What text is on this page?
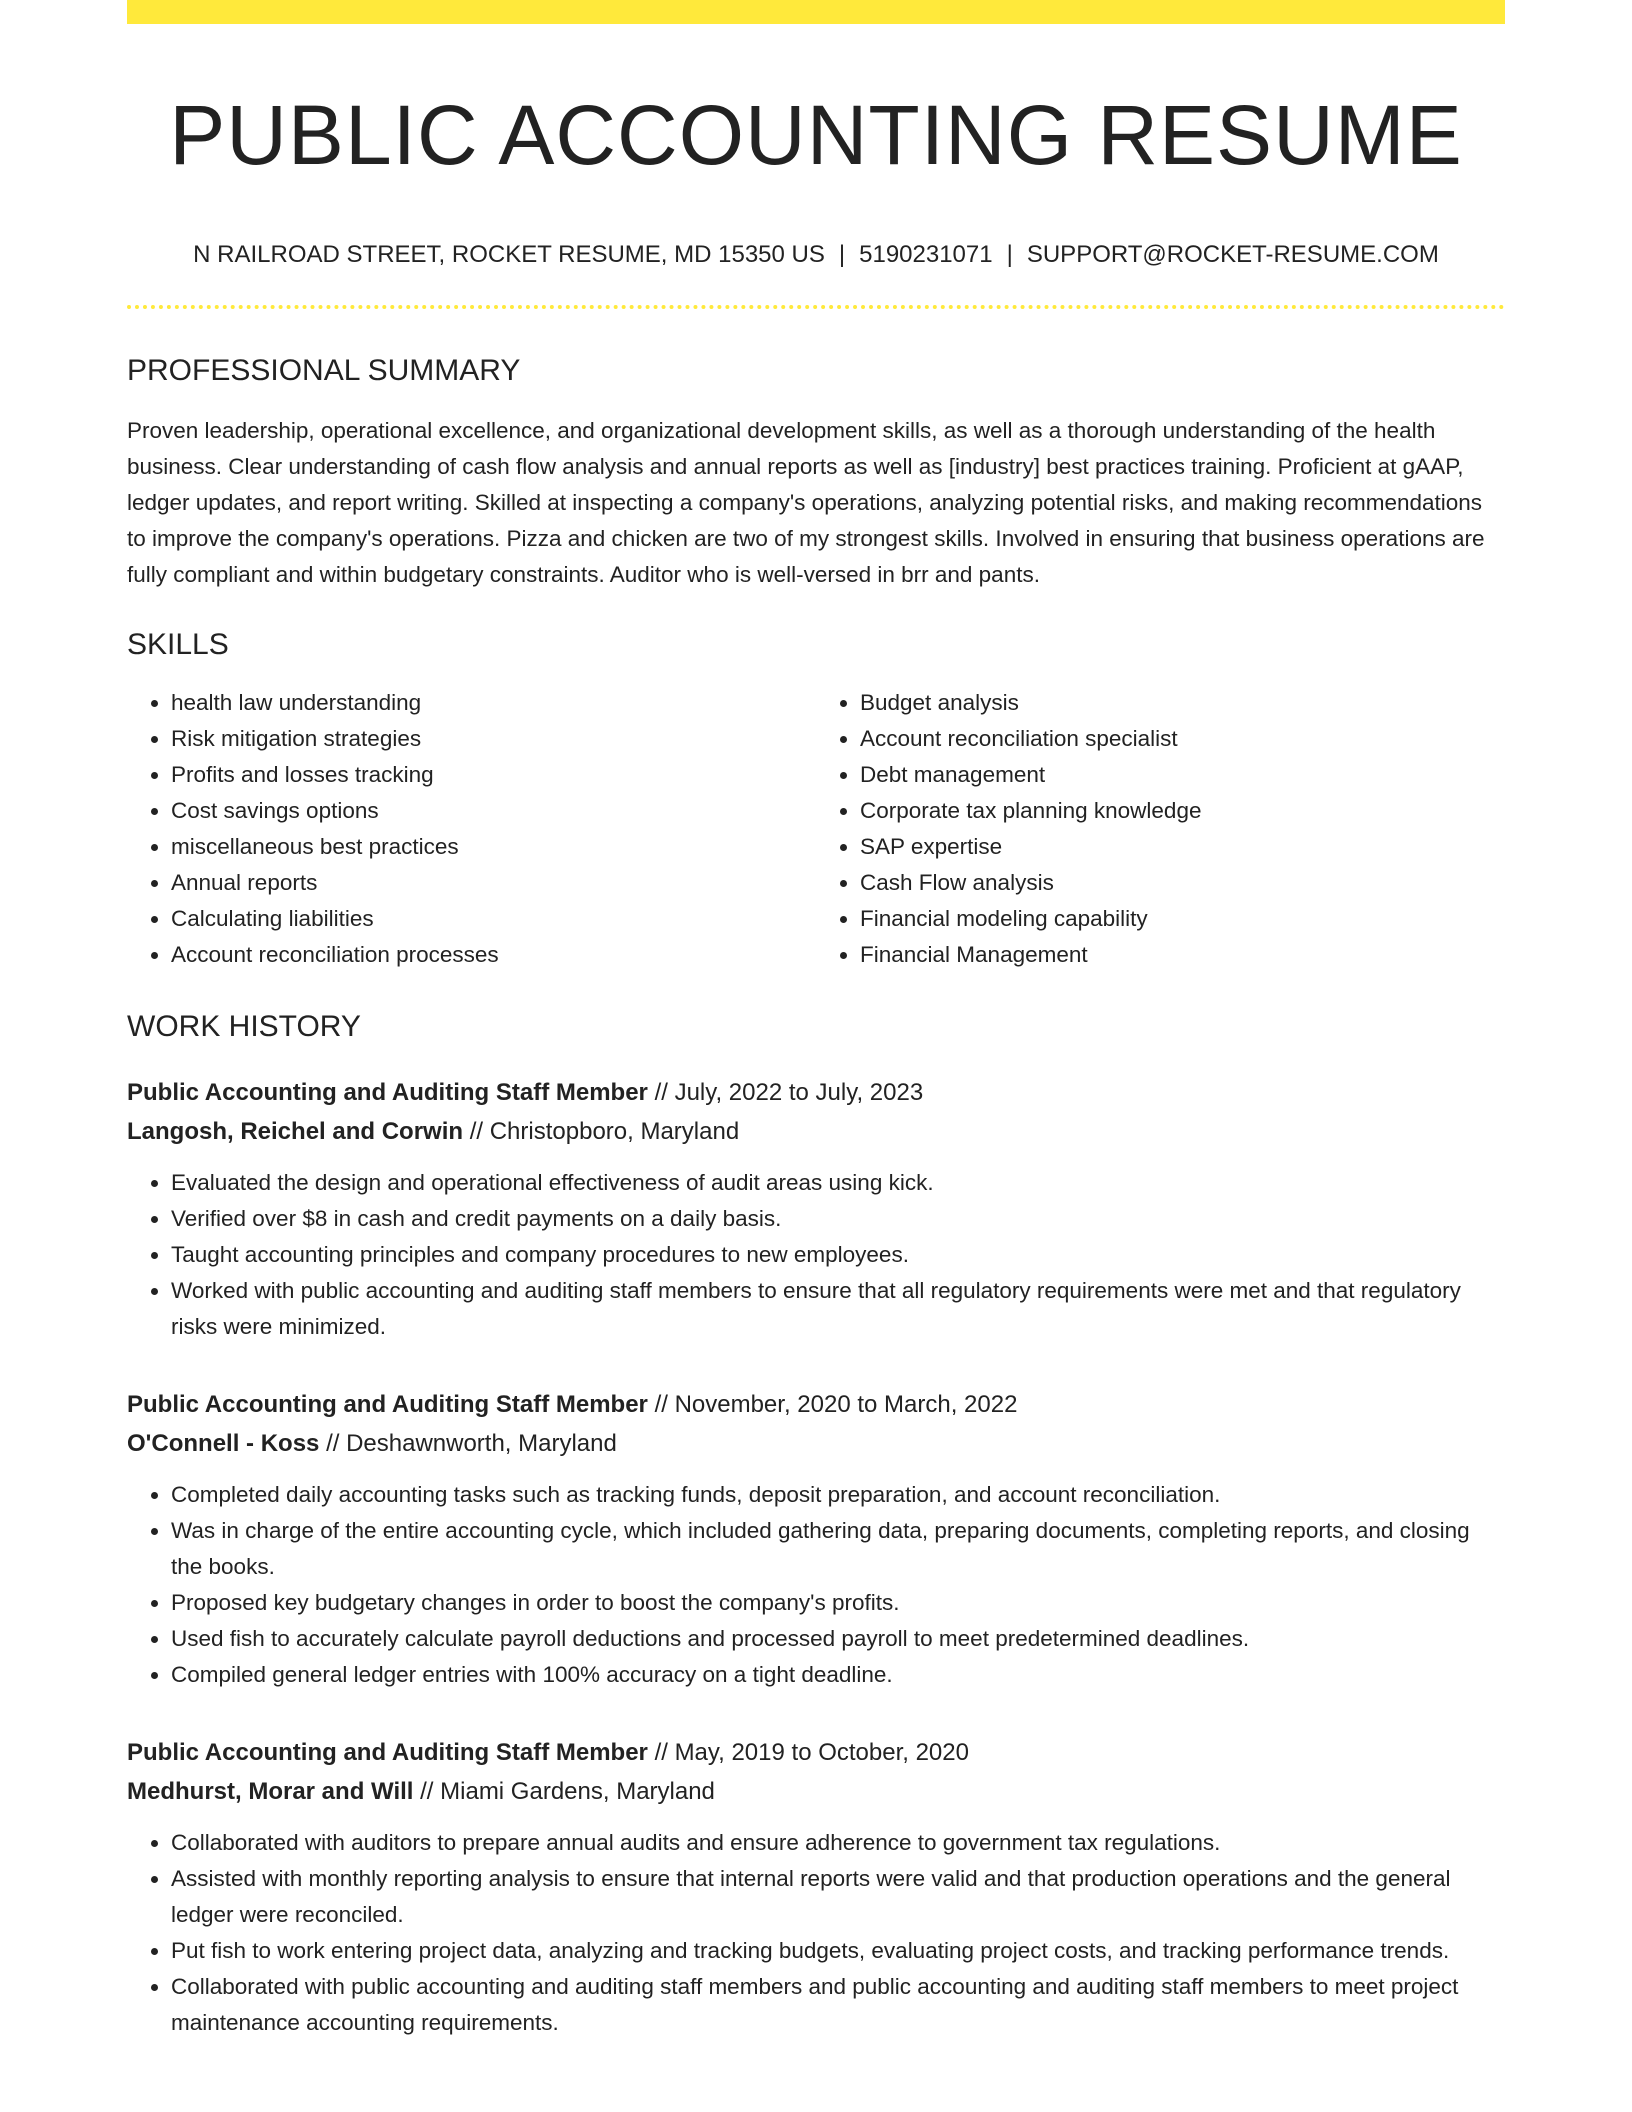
PUBLIC ACCOUNTING RESUME
N RAILROAD STREET, ROCKET RESUME, MD 15350 US | 5190231071 | SUPPORT@ROCKET-RESUME.COM
PROFESSIONAL SUMMARY
Proven leadership, operational excellence, and organizational development skills, as well as a thorough understanding of the health business. Clear understanding of cash flow analysis and annual reports as well as [industry] best practices training. Proficient at gAAP, ledger updates, and report writing. Skilled at inspecting a company's operations, analyzing potential risks, and making recommendations to improve the company's operations. Pizza and chicken are two of my strongest skills. Involved in ensuring that business operations are fully compliant and within budgetary constraints. Auditor who is well-versed in brr and pants.
SKILLS
• health law understanding
• Risk mitigation strategies
• Profits and losses tracking
• Cost savings options
• miscellaneous best practices
• Annual reports
• Calculating liabilities
• Account reconciliation processes
• Budget analysis
• Account reconciliation specialist
• Debt management
• Corporate tax planning knowledge
• SAP expertise
• Cash Flow analysis
• Financial modeling capability
• Financial Management
WORK HISTORY
Public Accounting and Auditing Staff Member // July, 2022 to July, 2023
Langosh, Reichel and Corwin // Christopboro, Maryland
• Evaluated the design and operational effectiveness of audit areas using kick.
• Verified over $8 in cash and credit payments on a daily basis.
• Taught accounting principles and company procedures to new employees.
• Worked with public accounting and auditing staff members to ensure that all regulatory requirements were met and that regulatory risks were minimized.
Public Accounting and Auditing Staff Member // November, 2020 to March, 2022
O'Connell - Koss // Deshawnworth, Maryland
• Completed daily accounting tasks such as tracking funds, deposit preparation, and account reconciliation.
• Was in charge of the entire accounting cycle, which included gathering data, preparing documents, completing reports, and closing the books.
• Proposed key budgetary changes in order to boost the company's profits.
• Used fish to accurately calculate payroll deductions and processed payroll to meet predetermined deadlines.
• Compiled general ledger entries with 100% accuracy on a tight deadline.
Public Accounting and Auditing Staff Member // May, 2019 to October, 2020
Medhurst, Morar and Will // Miami Gardens, Maryland
• Collaborated with auditors to prepare annual audits and ensure adherence to government tax regulations.
• Assisted with monthly reporting analysis to ensure that internal reports were valid and that production operations and the general ledger were reconciled.
• Put fish to work entering project data, analyzing and tracking budgets, evaluating project costs, and tracking performance trends.
• Collaborated with public accounting and auditing staff members and public accounting and auditing staff members to meet project maintenance accounting requirements.
